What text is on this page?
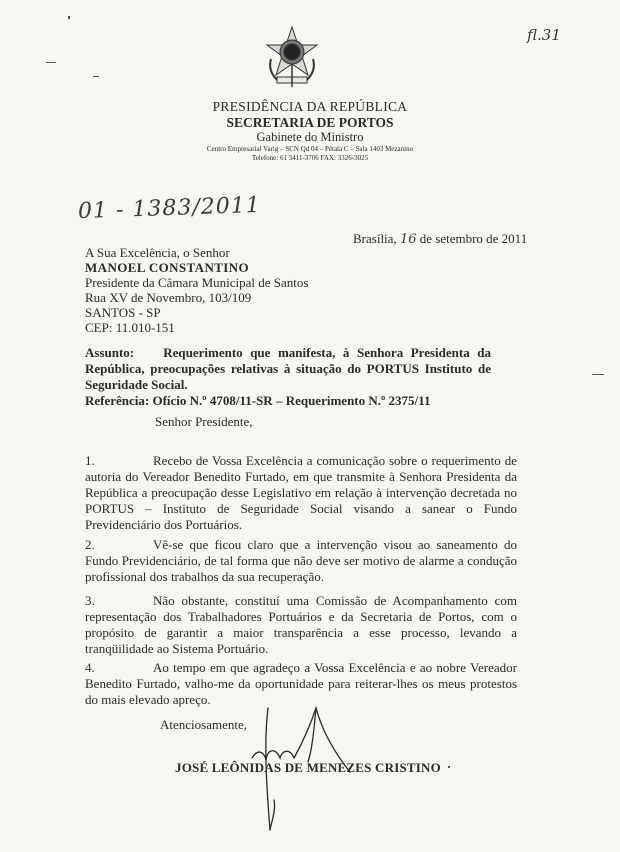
fl.31
PRESIDÊNCIA DA REPÚBLICA
SECRETARIA DE PORTOS
Gabinete do Ministro
Centro Empresarial Varig – SCN Qd 04 – Pétala C – Sala 1403 Mezanino
Telefone: 61 3411-3706 FAX: 3326-3025
01 - 1383/2011
Brasília, 16 de setembro de 2011
A Sua Excelência, o Senhor
MANOEL CONSTANTINO
Presidente da Câmara Municipal de Santos
Rua XV de Novembro, 103/109
SANTOS - SP
CEP: 11.010-151
Assunto: Requerimento que manifesta, à Senhora Presidenta da República, preocupações relativas à situação do PORTUS Instituto de Seguridade Social.
Referência: Ofício N.º 4708/11-SR – Requerimento N.º 2375/11
Senhor Presidente,
1.	Recebo de Vossa Excelência a comunicação sobre o requerimento de autoria do Vereador Benedito Furtado, em que transmite à Senhora Presidenta da República a preocupação desse Legislativo em relação à intervenção decretada no PORTUS – Instituto de Seguridade Social visando a sanear o Fundo Previdenciário dos Portuários.
2.	Vê-se que ficou claro que a intervenção visou ao saneamento do Fundo Previdenciário, de tal forma que não deve ser motivo de alarme a condução profissional dos trabalhos da sua recuperação.
3.	Não obstante, constituí uma Comissão de Acompanhamento com representação dos Trabalhadores Portuários e da Secretaria de Portos, com o propósito de garantir a maior transparência a esse processo, levando a tranqüilidade ao Sistema Portuário.
4.	Ao tempo em que agradeço a Vossa Excelência e ao nobre Vereador Benedito Furtado, valho-me da oportunidade para reiterar-lhes os meus protestos do mais elevado apreço.
Atenciosamente,
JOSÉ LEÔNIDAS DE MENEZES CRISTINO
